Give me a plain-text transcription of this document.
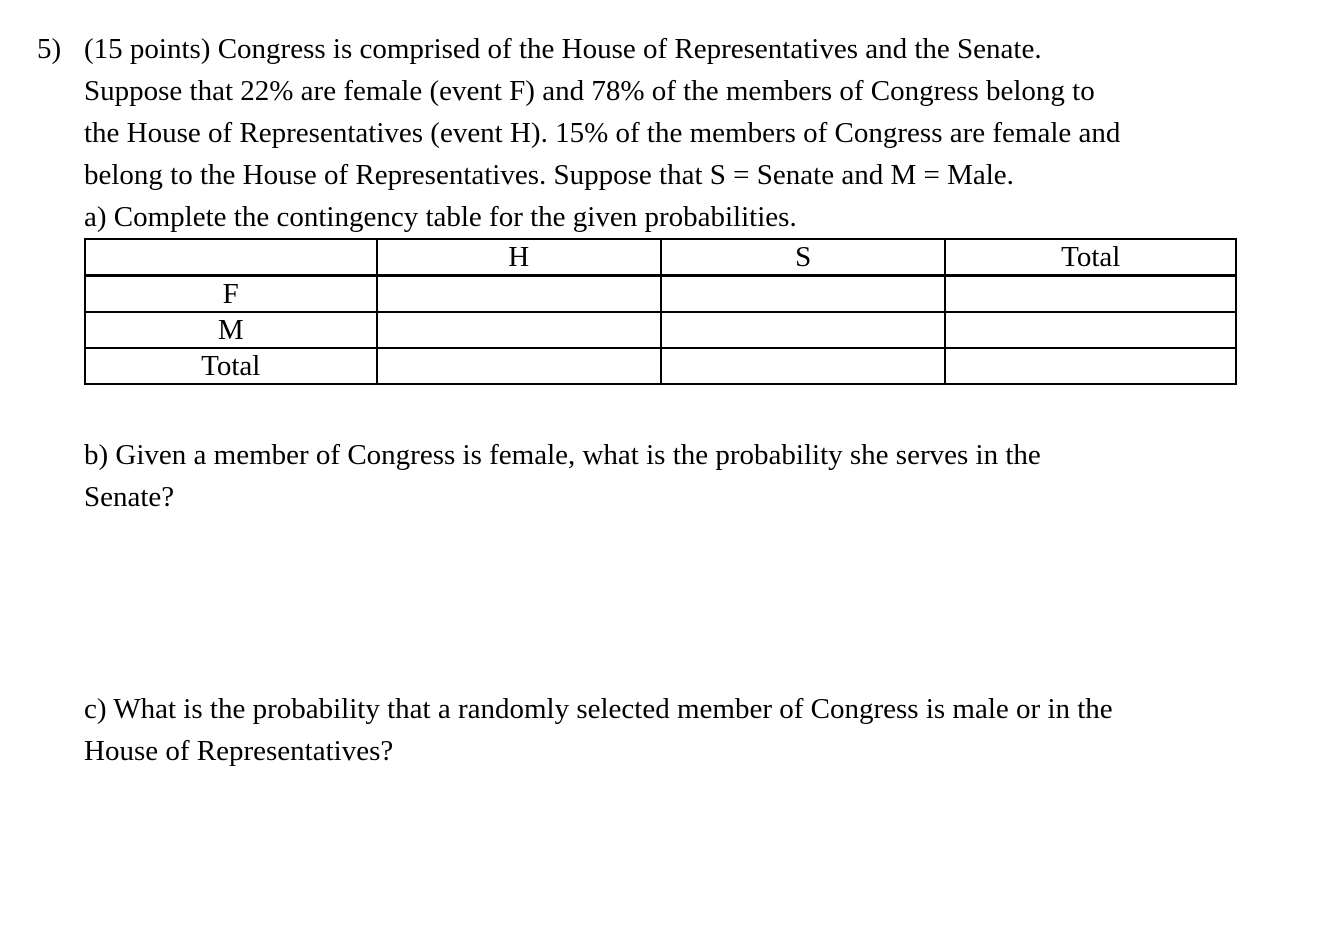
5) (15 points) Congress is comprised of the House of Representatives and the Senate.
Suppose that 22% are female (event F) and 78% of the members of Congress belong to
the House of Representatives (event H). 15% of the members of Congress are female and
belong to the House of Representatives. Suppose that S = Senate and M = Male.
a) Complete the contingency table for the given probabilities.
	H	S	Total
F			
M			
Total			
b) Given a member of Congress is female, what is the probability she serves in the
Senate?
c) What is the probability that a randomly selected member of Congress is male or in the
House of Representatives?
